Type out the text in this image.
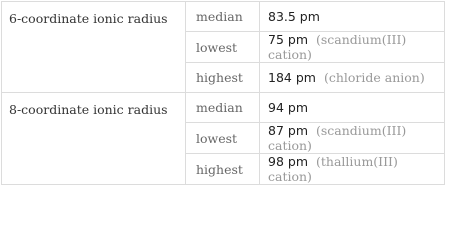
6-coordinate ionic radius	median	83.5 pm
	lowest	75 pm (scandium(III) cation)
	highest	184 pm (chloride anion)
8-coordinate ionic radius	median	94 pm
	lowest	87 pm (scandium(III) cation)
	highest	98 pm (thallium(III) cation)
